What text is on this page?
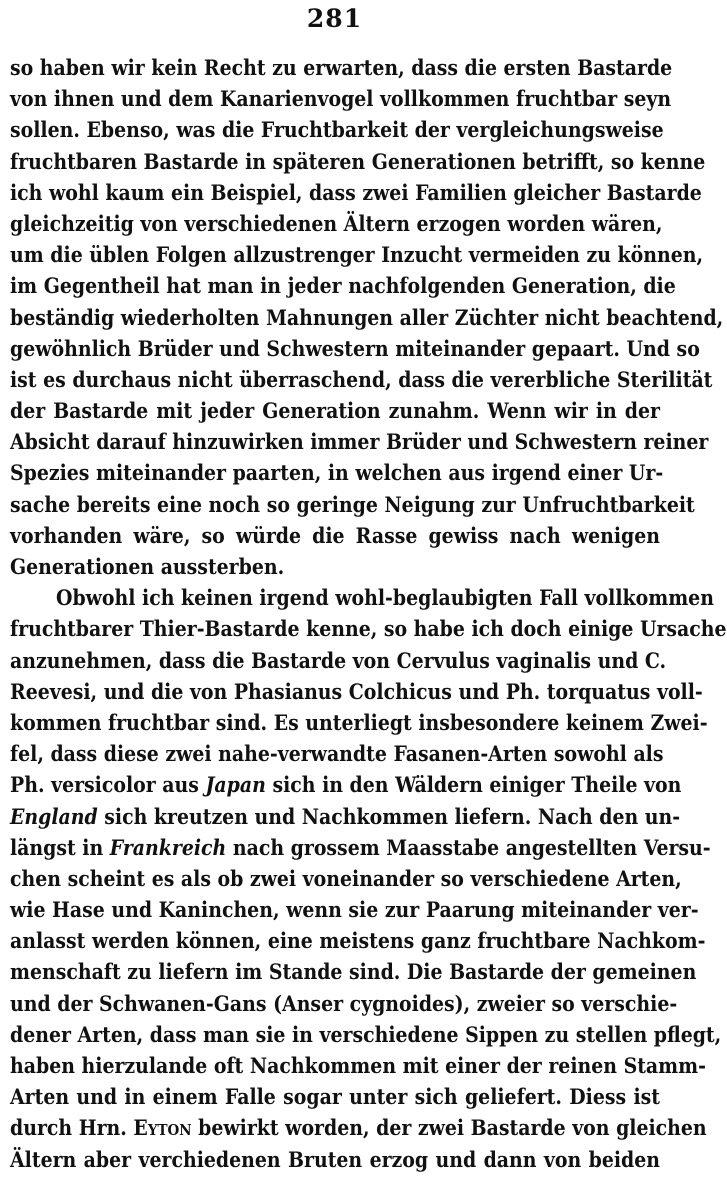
281
so haben wir kein Recht zu erwarten, dass die ersten Bastarde
von ihnen und dem Kanarienvogel vollkommen fruchtbar seyn
sollen. Ebenso, was die Fruchtbarkeit der vergleichungsweise
fruchtbaren Bastarde in späteren Generationen betrifft, so kenne
ich wohl kaum ein Beispiel, dass zwei Familien gleicher Bastarde
gleichzeitig von verschiedenen Ältern erzogen worden wären,
um die üblen Folgen allzustrenger Inzucht vermeiden zu können,
im Gegentheil hat man in jeder nachfolgenden Generation, die
beständig wiederholten Mahnungen aller Züchter nicht beachtend,
gewöhnlich Brüder und Schwestern miteinander gepaart. Und so
ist es durchaus nicht überraschend, dass die vererbliche Sterilität
der Bastarde mit jeder Generation zunahm. Wenn wir in der
Absicht darauf hinzuwirken immer Brüder und Schwestern reiner
Spezies miteinander paarten, in welchen aus irgend einer Ur-
sache bereits eine noch so geringe Neigung zur Unfruchtbarkeit
vorhanden wäre, so würde die Rasse gewiss nach wenigen
Generationen aussterben.
Obwohl ich keinen irgend wohl-beglaubigten Fall vollkommen
fruchtbarer Thier-Bastarde kenne, so habe ich doch einige Ursache
anzunehmen, dass die Bastarde von Cervulus vaginalis und C.
Reevesi, und die von Phasianus Colchicus und Ph. torquatus voll-
kommen fruchtbar sind. Es unterliegt insbesondere keinem Zwei-
fel, dass diese zwei nahe-verwandte Fasanen-Arten sowohl als
Ph. versicolor aus Japan sich in den Wäldern einiger Theile von
England sich kreutzen und Nachkommen liefern. Nach den un-
längst in Frankreich nach grossem Maasstabe angestellten Versu-
chen scheint es als ob zwei voneinander so verschiedene Arten,
wie Hase und Kaninchen, wenn sie zur Paarung miteinander ver-
anlasst werden können, eine meistens ganz fruchtbare Nachkom-
menschaft zu liefern im Stande sind. Die Bastarde der gemeinen
und der Schwanen-Gans (Anser cygnoides), zweier so verschie-
dener Arten, dass man sie in verschiedene Sippen zu stellen pflegt,
haben hierzulande oft Nachkommen mit einer der reinen Stamm-
Arten und in einem Falle sogar unter sich geliefert. Diess ist
durch Hrn. Eyton bewirkt worden, der zwei Bastarde von gleichen
Ältern aber verchiedenen Bruten erzog und dann von beiden
